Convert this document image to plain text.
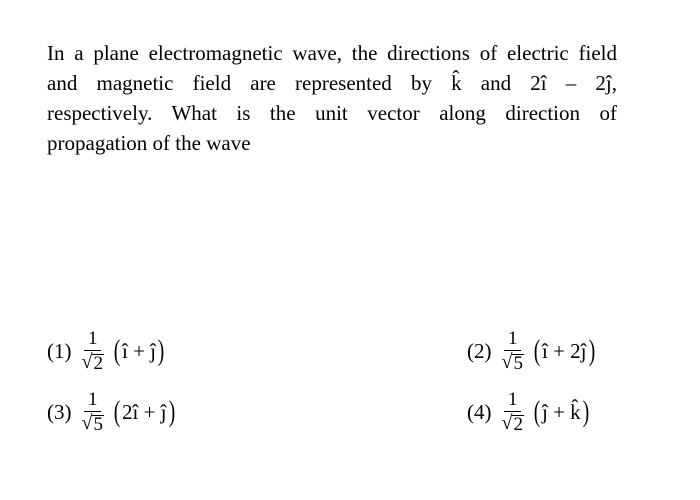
In a plane electromagnetic wave, the directions of electric field
and magnetic field are represented by k̂ and 2î – 2ĵ,
respectively. What is the unit vector along direction of
propagation of the wave
$(1) \frac{1}{√ 2}$ ( î + ĵ )	$(2) \frac{1}{√ 5}$ ( î + 2ĵ )
$(3) \frac{1}{√ 5}$ ( 2î + ĵ )	$(4) \frac{1}{√ 2}$ ( ĵ + k̂ )
